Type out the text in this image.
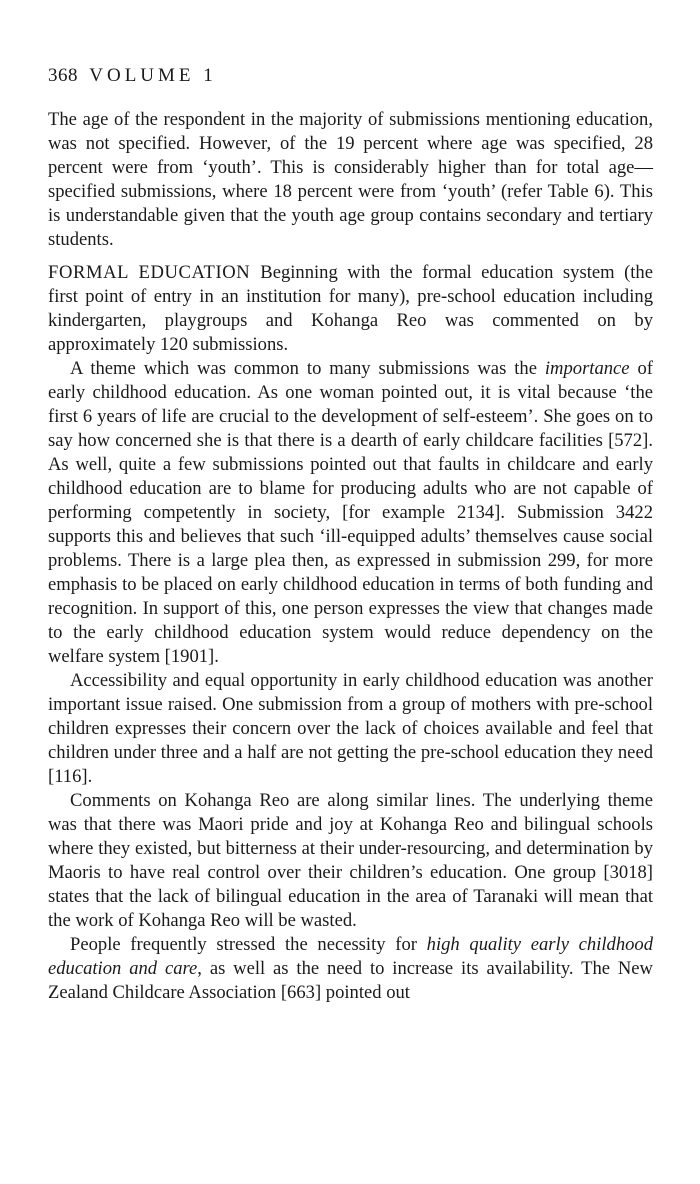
368 VOLUME 1

The age of the respondent in the majority of submissions mentioning education, was not specified. However, of the 19 percent where age was specified, 28 percent were from ‘youth’. This is considerably higher than for total age—specified submissions, where 18 percent were from ‘youth’ (refer Table 6). This is understandable given that the youth age group contains secondary and tertiary students.

FORMAL EDUCATION Beginning with the formal education system (the first point of entry in an institution for many), pre-school education including kindergarten, playgroups and Kohanga Reo was commented on by approximately 120 submissions.

A theme which was common to many submissions was the importance of early childhood education. As one woman pointed out, it is vital because ‘the first 6 years of life are crucial to the development of self-esteem’. She goes on to say how concerned she is that there is a dearth of early childcare facilities [572]. As well, quite a few submissions pointed out that faults in childcare and early childhood education are to blame for producing adults who are not capable of performing competently in society, [for example 2134]. Submission 3422 supports this and believes that such ‘ill-equipped adults’ themselves cause social problems. There is a large plea then, as expressed in submission 299, for more emphasis to be placed on early childhood education in terms of both funding and recognition. In support of this, one person expresses the view that changes made to the early childhood education system would reduce dependency on the welfare system [1901].

Accessibility and equal opportunity in early childhood education was another important issue raised. One submission from a group of mothers with pre-school children expresses their concern over the lack of choices available and feel that children under three and a half are not getting the pre-school education they need [116].

Comments on Kohanga Reo are along similar lines. The underlying theme was that there was Maori pride and joy at Kohanga Reo and bilingual schools where they existed, but bitterness at their under-resourcing, and determination by Maoris to have real control over their children’s education. One group [3018] states that the lack of bilingual education in the area of Taranaki will mean that the work of Kohanga Reo will be wasted.

People frequently stressed the necessity for high quality early childhood education and care, as well as the need to increase its availability. The New Zealand Childcare Association [663] pointed out
